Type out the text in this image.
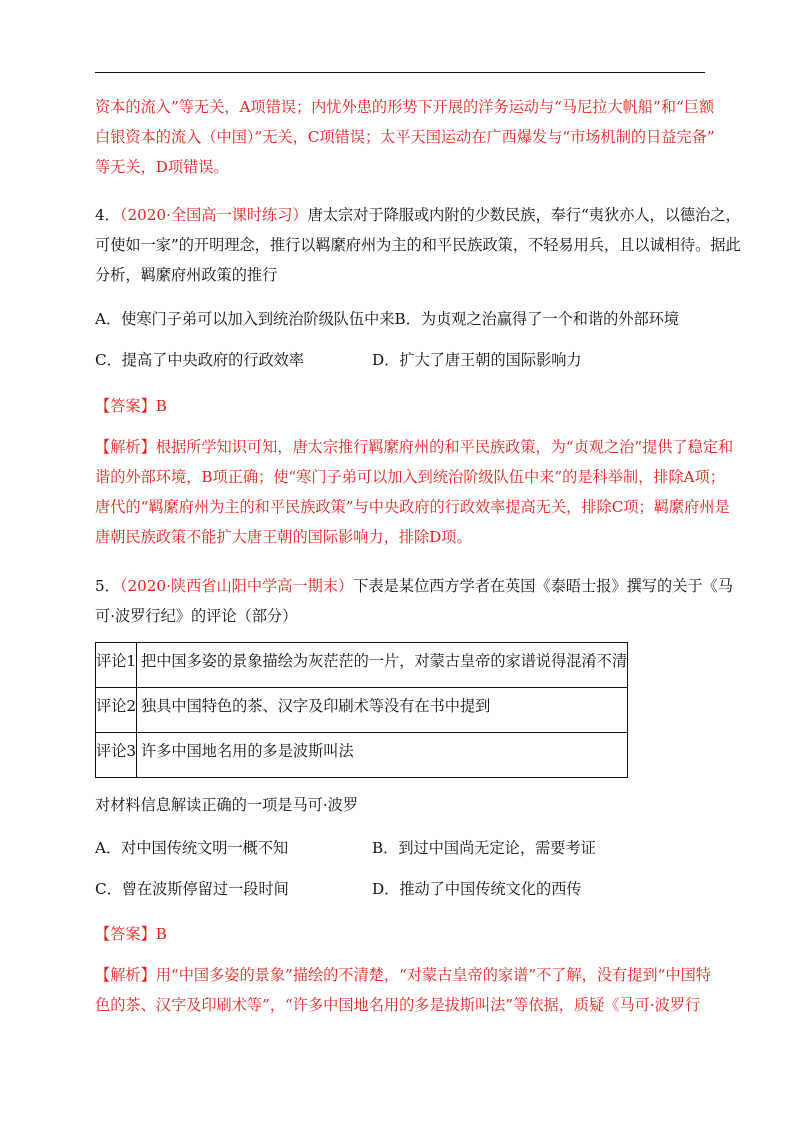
资本的流入”等无关，A项错误；内忧外患的形势下开展的洋务运动与“马尼拉大帆船”和“巨额
白银资本的流入（中国）”无关，C项错误；太平天国运动在广西爆发与“市场机制的日益完备”
等无关，D项错误。
4．（2020·全国高一课时练习）唐太宗对于降服或内附的少数民族，奉行“夷狄亦人，以德治之，
可使如一家”的开明理念，推行以羁縻府州为主的和平民族政策，不轻易用兵，且以诚相待。据此
分析，羁縻府州政策的推行
A．使寒门子弟可以加入到统治阶级队伍中来B．为贞观之治赢得了一个和谐的外部环境
C．提高了中央政府的行政效率	D．扩大了唐王朝的国际影响力
【答案】B
【解析】根据所学知识可知，唐太宗推行羁縻府州的和平民族政策，为“贞观之治”提供了稳定和
谐的外部环境，B项正确；使“寒门子弟可以加入到统治阶级队伍中来”的是科举制，排除A项；
唐代的“羁縻府州为主的和平民族政策”与中央政府的行政效率提高无关，排除C项；羁縻府州是
唐朝民族政策不能扩大唐王朝的国际影响力，排除D项。
5．（2020·陕西省山阳中学高一期末）下表是某位西方学者在英国《泰晤士报》撰写的关于《马
可·波罗行纪》的评论（部分）
评论1	把中国多姿的景象描绘为灰茫茫的一片，对蒙古皇帝的家谱说得混淆不清
评论2	独具中国特色的茶、汉字及印刷术等没有在书中提到
评论3	许多中国地名用的多是波斯叫法
对材料信息解读正确的一项是马可·波罗
A．对中国传统文明一概不知	B．到过中国尚无定论，需要考证
C．曾在波斯停留过一段时间	D．推动了中国传统文化的西传
【答案】B
【解析】用“中国多姿的景象”描绘的不清楚，“对蒙古皇帝的家谱”不了解，没有提到“中国特
色的茶、汉字及印刷术等”，“许多中国地名用的多是拔斯叫法”等依据，质疑《马可·波罗行
